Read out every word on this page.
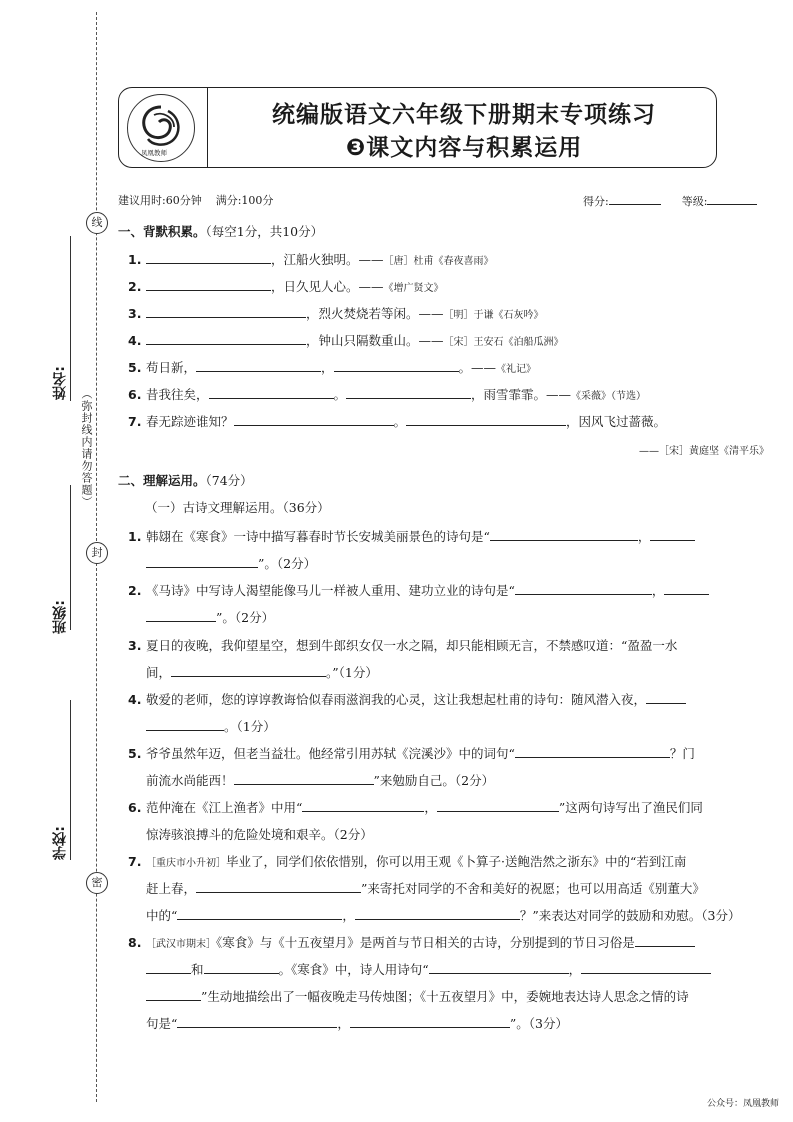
线
封
密
姓名:
班级:
学校:
（弥封线内请勿答题）
凤凰教师
统编版语文六年级下册期末专项练习
❸课文内容与积累运用
建议用时:60分钟 满分:100分	得分:	等级:
一、背默积累。（每空1分，共10分）
1.	，江船火独明。——［唐］杜甫《春夜喜雨》
2.	，日久见人心。——《增广贤文》
3.	，烈火焚烧若等闲。——［明］于谦《石灰吟》
4.	，钟山只隔数重山。——［宋］王安石《泊船瓜洲》
5. 苟日新，	，	。——《礼记》
6. 昔我往矣，	。	，雨雪霏霏。——《采薇》（节选）
7. 春无踪迹谁知？	。	，因风飞过蔷薇。
——［宋］黄庭坚《清平乐》
二、理解运用。（74分）
（一）古诗文理解运用。（36分）
1. 韩翃在《寒食》一诗中描写暮春时节长安城美丽景色的诗句是“	，
”。（2分）
2. 《马诗》中写诗人渴望能像马儿一样被人重用、建功立业的诗句是“	，
”。（2分）
3. 夏日的夜晚，我仰望星空，想到牛郎织女仅一水之隔，却只能相顾无言，不禁感叹道：“盈盈一水
间，	。”（1分）
4. 敬爱的老师，您的谆谆教诲恰似春雨滋润我的心灵，这让我想起杜甫的诗句：随风潜入夜，
。（1分）
5. 爷爷虽然年迈，但老当益壮。他经常引用苏轼《浣溪沙》中的词句“	？门
前流水尚能西！	”来勉励自己。（2分）
6. 范仲淹在《江上渔者》中用“	，	”这两句诗写出了渔民们同
惊涛骇浪搏斗的危险处境和艰辛。（2分）
7. ［重庆市小升初］毕业了，同学们依依惜别，你可以用王观《卜算子·送鲍浩然之浙东》中的“若到江南
赶上春，	”来寄托对同学的不舍和美好的祝愿；也可以用高适《别董大》
中的“	，	？”来表达对同学的鼓励和劝慰。（3分）
8. ［武汉市期末］《寒食》与《十五夜望月》是两首与节日相关的古诗，分别提到的节日习俗是
和	。《寒食》中，诗人用诗句“	，
”生动地描绘出了一幅夜晚走马传烛图；《十五夜望月》中，委婉地表达诗人思念之情的诗
句是“	，	”。（3分）
公众号：凤凰教师
